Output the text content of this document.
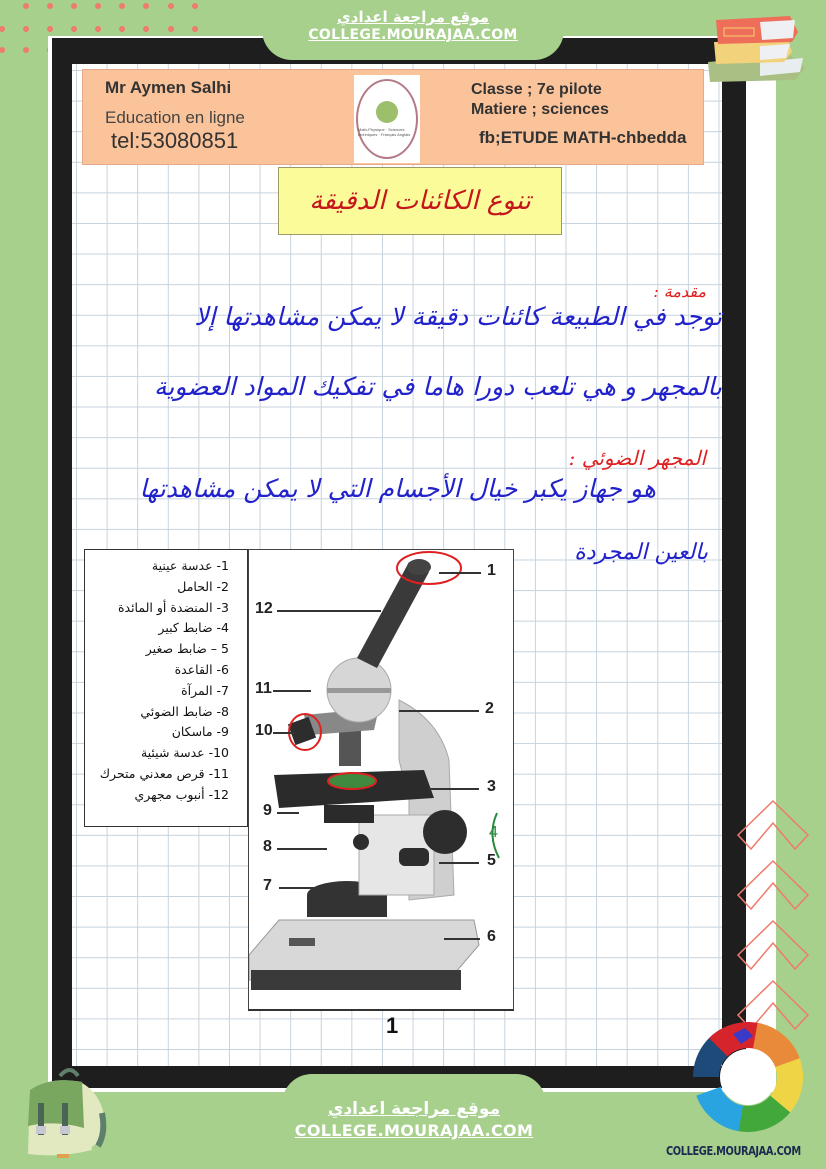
Mr Aymen Salhi
Education en ligne
tel:53080851	Math-Physique · Sciences techniques · Français Anglais
Classe ; 7e pilote
Matiere ; sciences
fb;ETUDE MATH-chbedda
تنوع الكائنات الدقيقة
مقدمة :
توجد في الطبيعة كائنات دقيقة لا يمكن مشاهدتها إلا
بالمجهر و هي تلعب دورا هاما في تفكيك المواد العضوية
المجهر الضوئي :
هو جهاز يكبر خيال الأجسام التي لا يمكن مشاهدتها
بالعين المجردة
1- عدسة عينية
2- الحامل
3- المنضدة أو المائدة
4- ضابط كبير
5 – ضابط صغير
6- القاعدة
7- المرآة
8- ضابط الضوئي
9- ماسكان
10- عدسة شيئية
11- قرص معدني متحرك
12- أنبوب مجهري
1
12
11
10
2
3
9
4
8
5
7
6
1
موقع مراجعة اعدادي
COLLEGE.MOURAJAA.COM
موقع مراجعة اعدادي
COLLEGE.MOURAJAA.COM
COLLEGE.MOURAJAA.COM
